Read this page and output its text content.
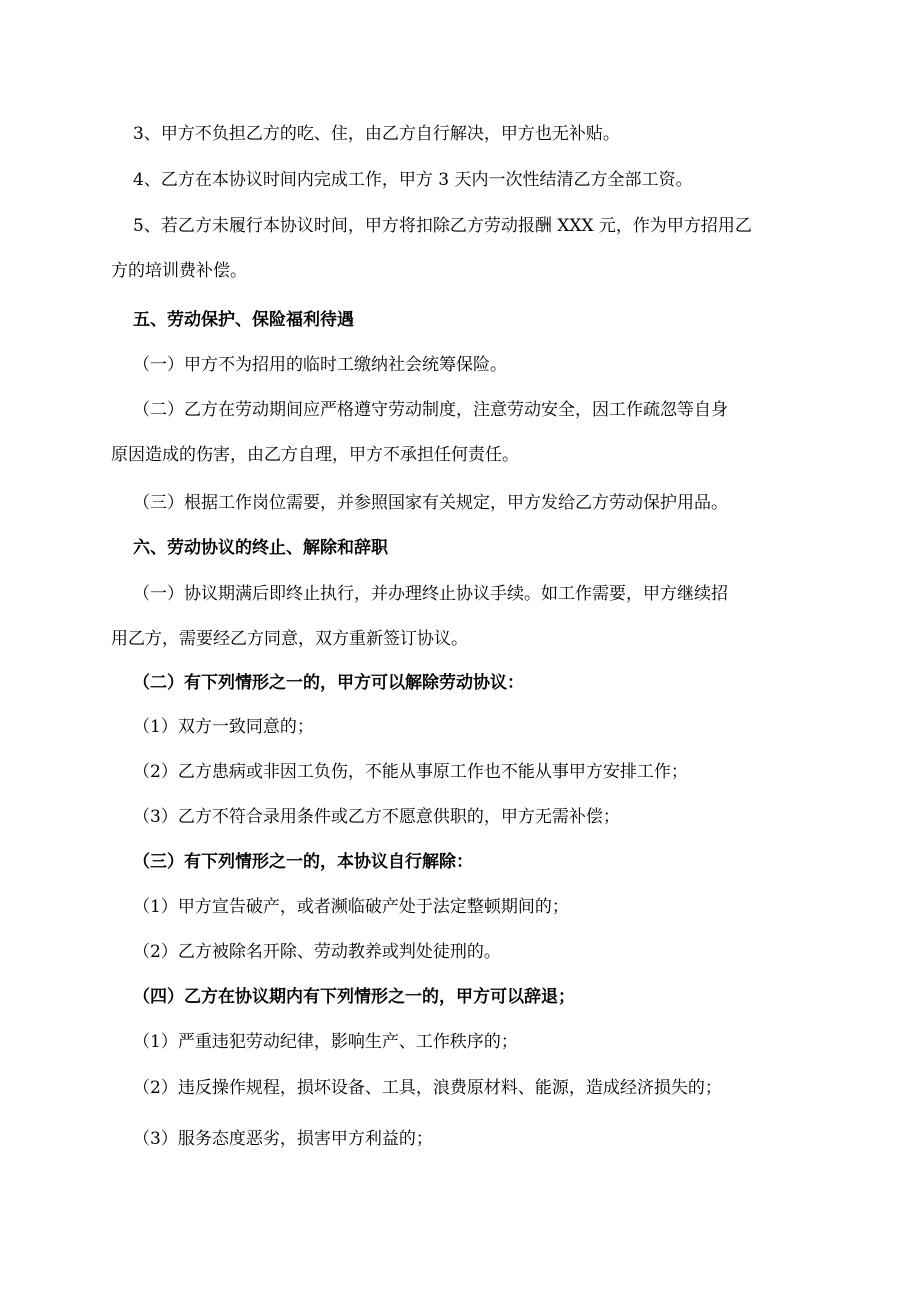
3、甲方不负担乙方的吃、住，由乙方自行解决，甲方也无补贴。

4、乙方在本协议时间内完成工作，甲方 3 天内一次性结清乙方全部工资。

5、若乙方未履行本协议时间，甲方将扣除乙方劳动报酬 XXX 元，作为甲方招用乙
方的培训费补偿。

五、劳动保护、保险福利待遇

（一）甲方不为招用的临时工缴纳社会统筹保险。

（二）乙方在劳动期间应严格遵守劳动制度，注意劳动安全，因工作疏忽等自身
原因造成的伤害，由乙方自理，甲方不承担任何责任。

（三）根据工作岗位需要，并参照国家有关规定，甲方发给乙方劳动保护用品。

六、劳动协议的终止、解除和辞职

（一）协议期满后即终止执行，并办理终止协议手续。如工作需要，甲方继续招
用乙方，需要经乙方同意，双方重新签订协议。

（二）有下列情形之一的，甲方可以解除劳动协议：

（1）双方一致同意的；

（2）乙方患病或非因工负伤，不能从事原工作也不能从事甲方安排工作；

（3）乙方不符合录用条件或乙方不愿意供职的，甲方无需补偿；

（三）有下列情形之一的，本协议自行解除：

（1）甲方宣告破产，或者濒临破产处于法定整顿期间的；

（2）乙方被除名开除、劳动教养或判处徒刑的。

（四）乙方在协议期内有下列情形之一的，甲方可以辞退；

（1）严重违犯劳动纪律，影响生产、工作秩序的；

（2）违反操作规程，损坏设备、工具，浪费原材料、能源，造成经济损失的；

（3）服务态度恶劣，损害甲方利益的；
